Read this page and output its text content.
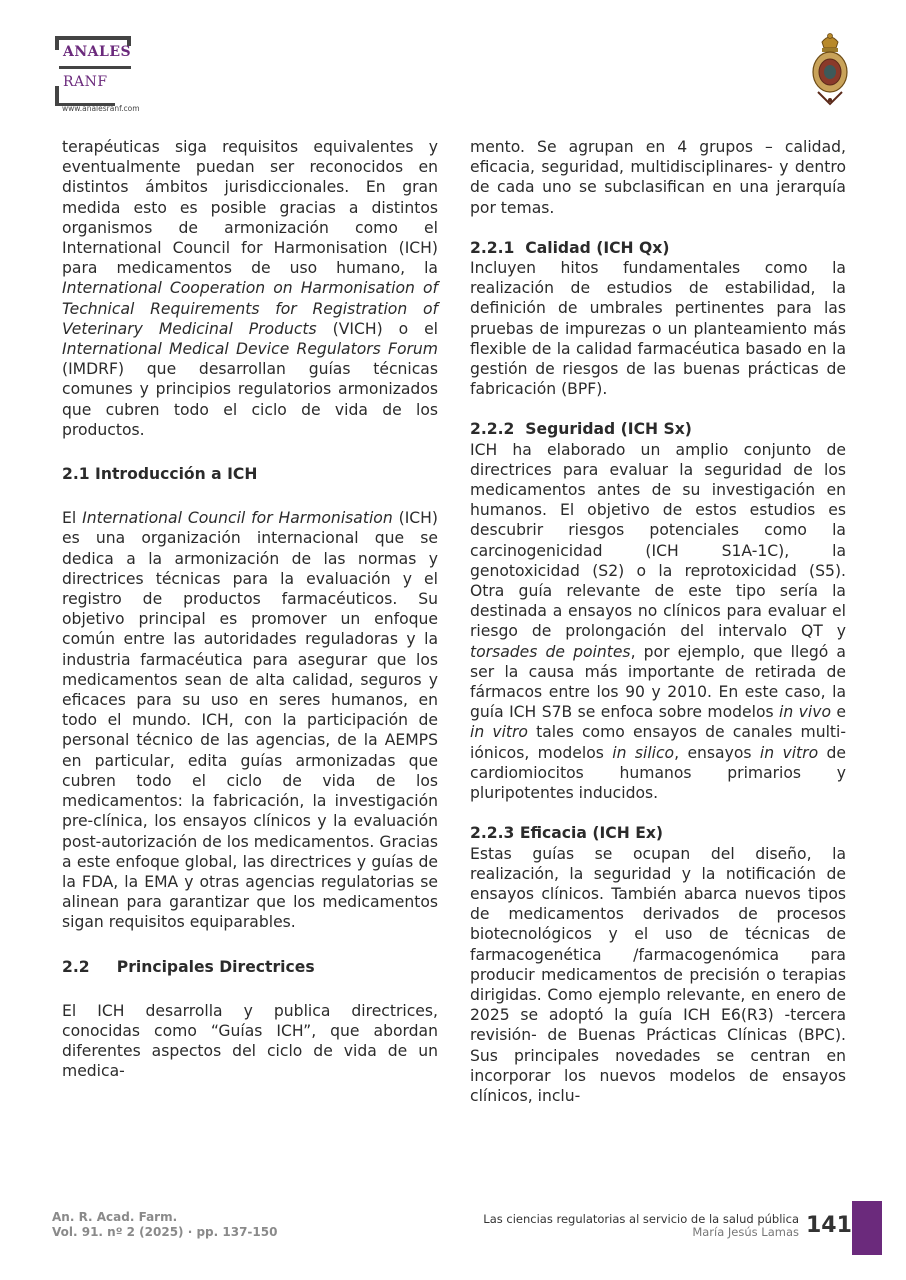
ANALES
RANF
www.analesranf.com

terapéuticas siga requisitos equivalentes y eventualmente puedan ser reconocidos en distintos ámbitos jurisdiccionales. En gran medida esto es posible gracias a distintos organismos de armonización como el International Council for Harmonisation (ICH) para medicamentos de uso humano, la International Cooperation on Harmonisation of Technical Requirements for Registration of Veterinary Medicinal Products (VICH) o el International Medical Device Regulators Forum (IMDRF) que desarrollan guías técnicas comunes y principios regulatorios armonizados que cubren todo el ciclo de vida de los productos.

2.1 Introducción a ICH

El International Council for Harmonisation (ICH) es una organización internacional que se dedica a la armonización de las normas y directrices técnicas para la evaluación y el registro de productos farmacéuticos. Su objetivo principal es promover un enfoque común entre las autoridades reguladoras y la industria farmacéutica para asegurar que los medicamentos sean de alta calidad, seguros y eficaces para su uso en seres humanos, en todo el mundo. ICH, con la participación de personal técnico de las agencias, de la AEMPS en particular, edita guías armonizadas que cubren todo el ciclo de vida de los medicamentos: la fabricación, la investigación pre-clínica, los ensayos clínicos y la evaluación post-autorización de los medicamentos. Gracias a este enfoque global, las directrices y guías de la FDA, la EMA y otras agencias regulatorias se alinean para garantizar que los medicamentos sigan requisitos equiparables.

2.2     Principales Directrices

El ICH desarrolla y publica directrices, conocidas como “Guías ICH”, que abordan diferentes aspectos del ciclo de vida de un medica-

mento. Se agrupan en 4 grupos – calidad, eficacia, seguridad, multidisciplinares- y dentro de cada uno se subclasifican en una jerarquía por temas.

2.2.1  Calidad (ICH Qx)

Incluyen hitos fundamentales como la realización de estudios de estabilidad, la definición de umbrales pertinentes para las pruebas de impurezas o un planteamiento más flexible de la calidad farmacéutica basado en la gestión de riesgos de las buenas prácticas de fabricación (BPF).

2.2.2  Seguridad (ICH Sx)

ICH ha elaborado un amplio conjunto de directrices para evaluar la seguridad de los medicamentos antes de su investigación en humanos. El objetivo de estos estudios es descubrir riesgos potenciales como la carcinogenicidad (ICH S1A-1C), la genotoxicidad (S2) o la reprotoxicidad (S5). Otra guía relevante de este tipo sería la destinada a ensayos no clínicos para evaluar el riesgo de prolongación del intervalo QT y torsades de pointes, por ejemplo, que llegó a ser la causa más importante de retirada de fármacos entre los 90 y 2010. En este caso, la guía ICH S7B se enfoca sobre modelos in vivo e in vitro tales como ensayos de canales multi-iónicos, modelos in silico, ensayos in vitro de cardiomiocitos humanos primarios y pluripotentes inducidos.

2.2.3 Eficacia (ICH Ex)

Estas guías se ocupan del diseño, la realización, la seguridad y la notificación de ensayos clínicos. También abarca nuevos tipos de medicamentos derivados de procesos biotecnológicos y el uso de técnicas de farmacogenética /farmacogenómica para producir medicamentos de precisión o terapias dirigidas. Como ejemplo relevante, en enero de 2025 se adoptó la guía ICH E6(R3) -tercera revisión- de Buenas Prácticas Clínicas (BPC). Sus principales novedades se centran en incorporar los nuevos modelos de ensayos clínicos, inclu-

An. R. Acad. Farm.
Vol. 91. nº 2 (2025) · pp. 137-150
Las ciencias regulatorias al servicio de la salud pública
María Jesús Lamas 141
